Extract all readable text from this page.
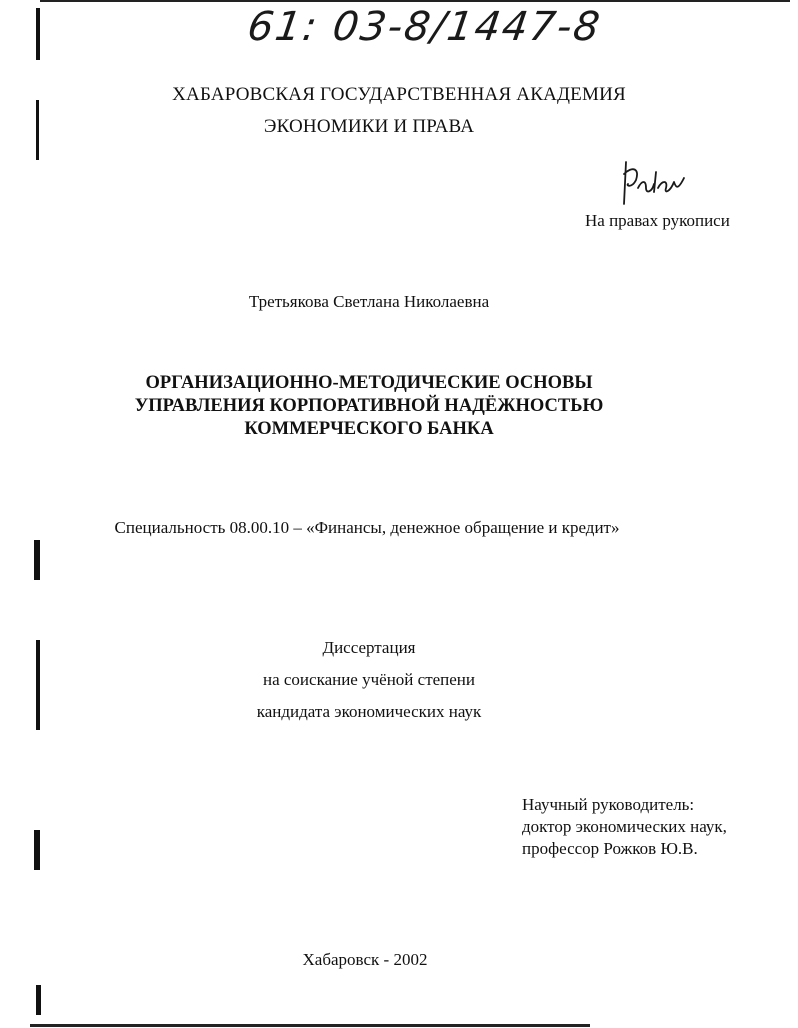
61: 03-8/1447-8
ХАБАРОВСКАЯ ГОСУДАРСТВЕННАЯ АКАДЕМИЯ
ЭКОНОМИКИ И ПРАВА
На правах рукописи
Третьякова Светлана Николаевна
ОРГАНИЗАЦИОННО-МЕТОДИЧЕСКИЕ ОСНОВЫ
УПРАВЛЕНИЯ КОРПОРАТИВНОЙ НАДЁЖНОСТЬЮ
КОММЕРЧЕСКОГО БАНКА
Специальность 08.00.10 – «Финансы, денежное обращение и кредит»
Диссертация
на соискание учёной степени
кандидата экономических наук
Научный руководитель:
доктор экономических наук,
профессор Рожков Ю.В.
Хабаровск - 2002
